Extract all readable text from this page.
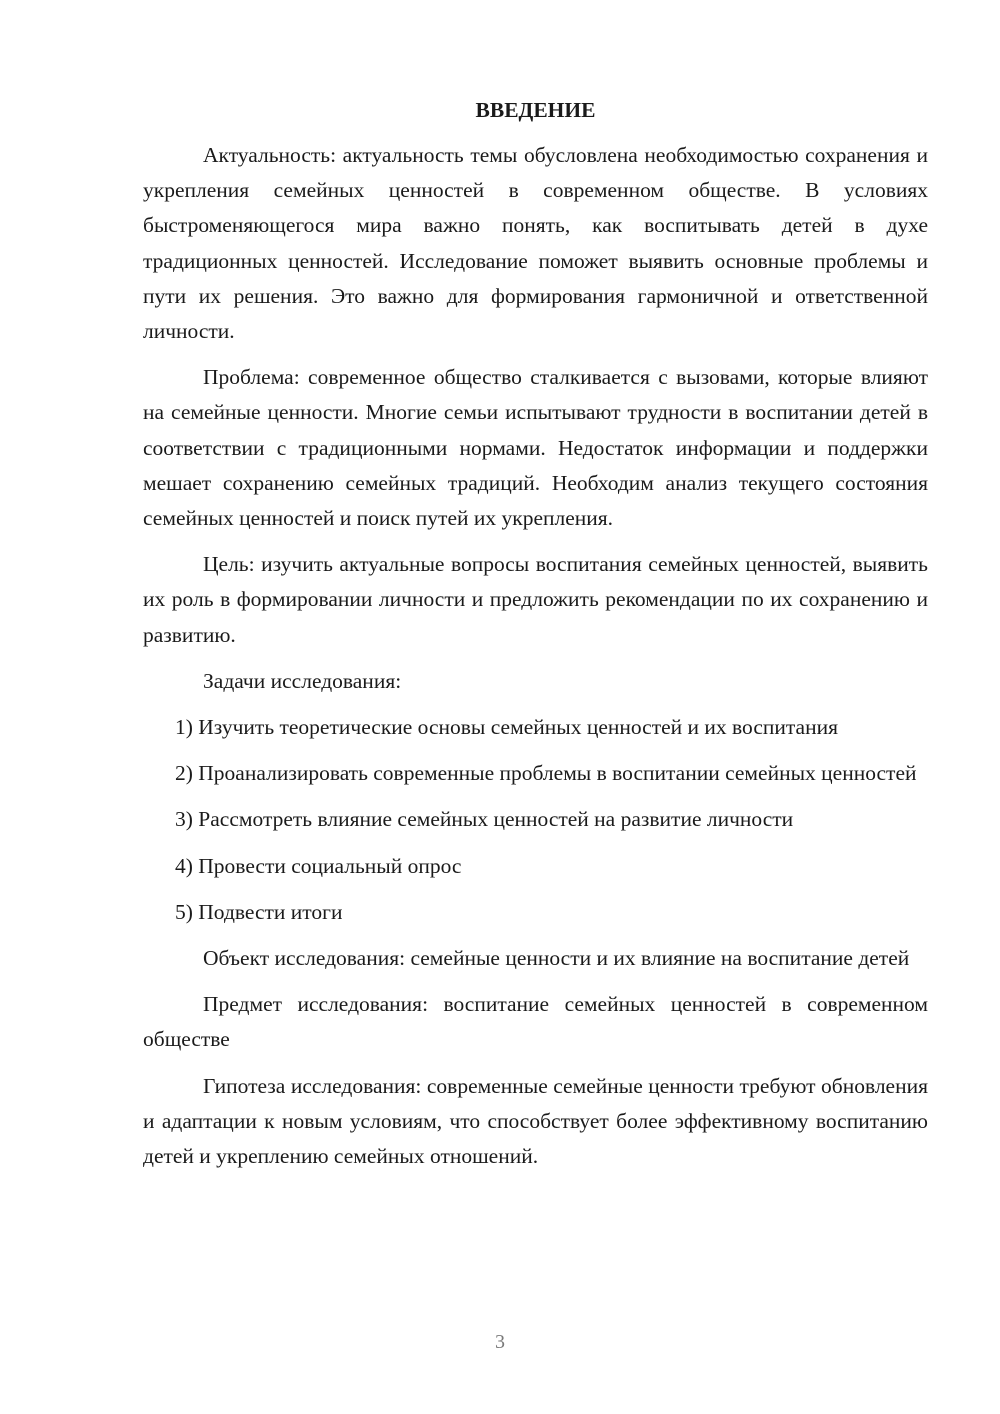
ВВЕДЕНИЕ

Актуальность: актуальность темы обусловлена необходимостью сохранения и укрепления семейных ценностей в современном обществе. В условиях быстроменяющегося мира важно понять, как воспитывать детей в духе традиционных ценностей. Исследование поможет выявить основные проблемы и пути их решения. Это важно для формирования гармоничной и ответственной личности.

Проблема: современное общество сталкивается с вызовами, которые влияют на семейные ценности. Многие семьи испытывают трудности в воспитании детей в соответствии с традиционными нормами. Недостаток информации и поддержки мешает сохранению семейных традиций. Необходим анализ текущего состояния семейных ценностей и поиск путей их укрепления.

Цель: изучить актуальные вопросы воспитания семейных ценностей, выявить их роль в формировании личности и предложить рекомендации по их сохранению и развитию.

Задачи исследования:

1) Изучить теоретические основы семейных ценностей и их воспитания

2) Проанализировать современные проблемы в воспитании семейных ценностей

3) Рассмотреть влияние семейных ценностей на развитие личности

4) Провести социальный опрос

5) Подвести итоги

Объект исследования: семейные ценности и их влияние на воспитание детей

Предмет исследования: воспитание семейных ценностей в современном обществе

Гипотеза исследования: современные семейные ценности требуют обновления и адаптации к новым условиям, что способствует более эффективному воспитанию детей и укреплению семейных отношений.

3
